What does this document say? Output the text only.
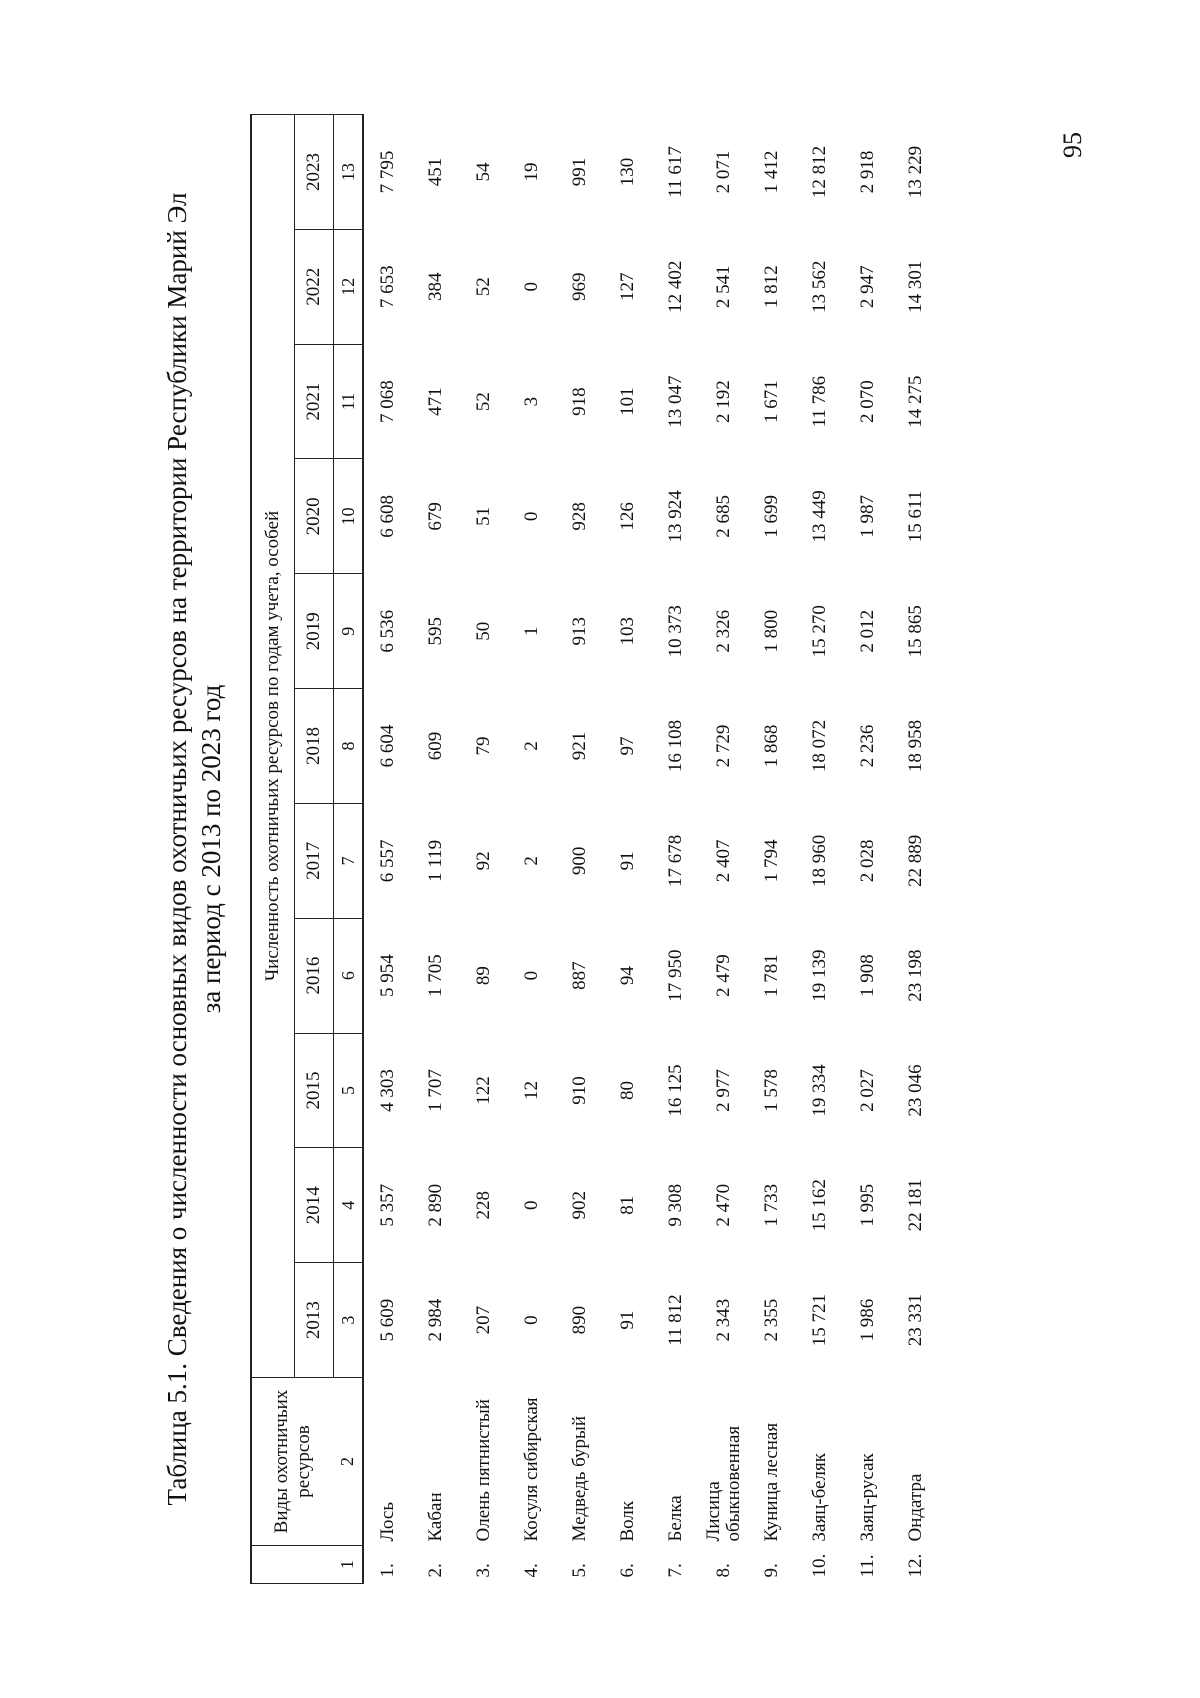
95
Таблица 5.1. Сведения о численности основных видов охотничьих ресурсов на территории Республики Марий Эл за период с 2013 по 2023 год
	Виды охотничьих ресурсов	Численность охотничьих ресурсов по годам учета, особей										
		2013	2014	2015	2016	2017	2018	2019	2020	2021	2022	2023
1	2	3	4	5	6	7	8	9	10	11	12	13
1.	Лось	5 609	5 357	4 303	5 954	6 557	6 604	6 536	6 608	7 068	7 653	7 795
2.	Кабан	2 984	2 890	1 707	1 705	1 119	609	595	679	471	384	451
3.	Олень пятнистый	207	228	122	89	92	79	50	51	52	52	54
4.	Косуля сибирская	0	0	12	0	2	2	1	0	3	0	19
5.	Медведь бурый	890	902	910	887	900	921	913	928	918	969	991
6.	Волк	91	81	80	94	91	97	103	126	101	127	130
7.	Белка	11 812	9 308	16 125	17 950	17 678	16 108	10 373	13 924	13 047	12 402	11 617
8.	Лисица обыкновенная	2 343	2 470	2 977	2 479	2 407	2 729	2 326	2 685	2 192	2 541	2 071
9.	Куница лесная	2 355	1 733	1 578	1 781	1 794	1 868	1 800	1 699	1 671	1 812	1 412
10.	Заяц-беляк	15 721	15 162	19 334	19 139	18 960	18 072	15 270	13 449	11 786	13 562	12 812
11.	Заяц-русак	1 986	1 995	2 027	1 908	2 028	2 236	2 012	1 987	2 070	2 947	2 918
12.	Ондатра	23 331	22 181	23 046	23 198	22 889	18 958	15 865	15 611	14 275	14 301	13 229
